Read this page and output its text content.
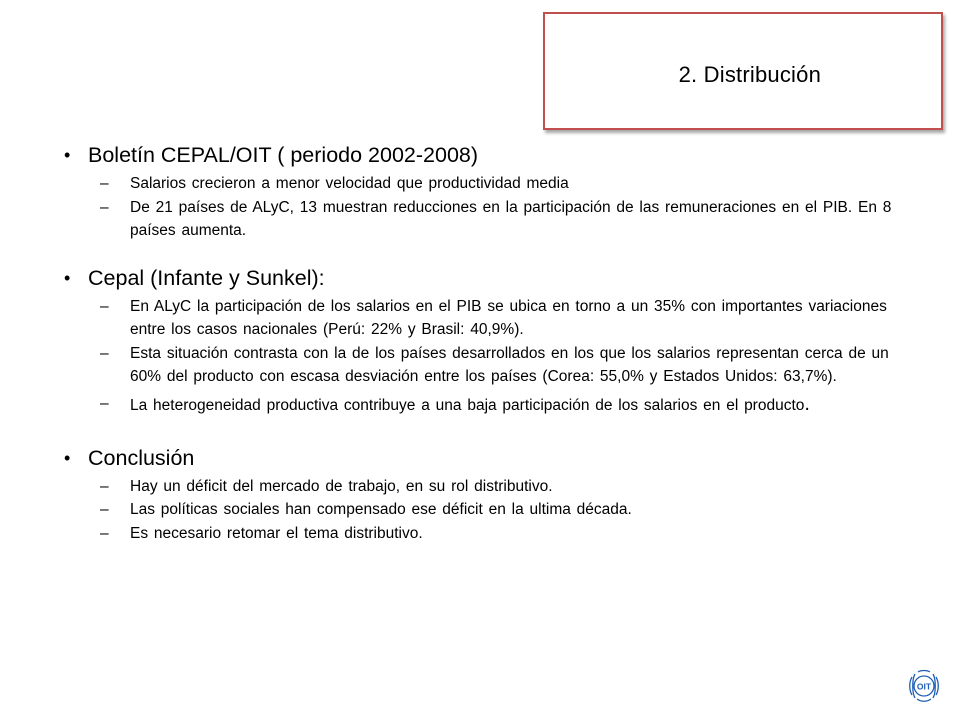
2. Distribución
• Boletín CEPAL/OIT ( periodo 2002-2008)
– Salarios crecieron a menor velocidad que productividad media
– De 21 países de ALyC, 13 muestran reducciones en la participación de las remuneraciones en el PIB. En 8 países aumenta.
• Cepal (Infante y Sunkel):
– En ALyC la participación de los salarios en el PIB se ubica en torno a un 35% con importantes variaciones entre los casos nacionales (Perú: 22% y Brasil: 40,9%).
– Esta situación contrasta con la de los países desarrollados en los que los salarios representan cerca de un 60% del producto con escasa desviación entre los países (Corea: 55,0% y Estados Unidos: 63,7%).
– La heterogeneidad productiva contribuye a una baja participación de los salarios en el producto.
• Conclusión
– Hay un déficit del mercado de trabajo, en su rol distributivo.
– Las políticas sociales han compensado ese déficit en la ultima década.
– Es necesario retomar el tema distributivo.
OIT
